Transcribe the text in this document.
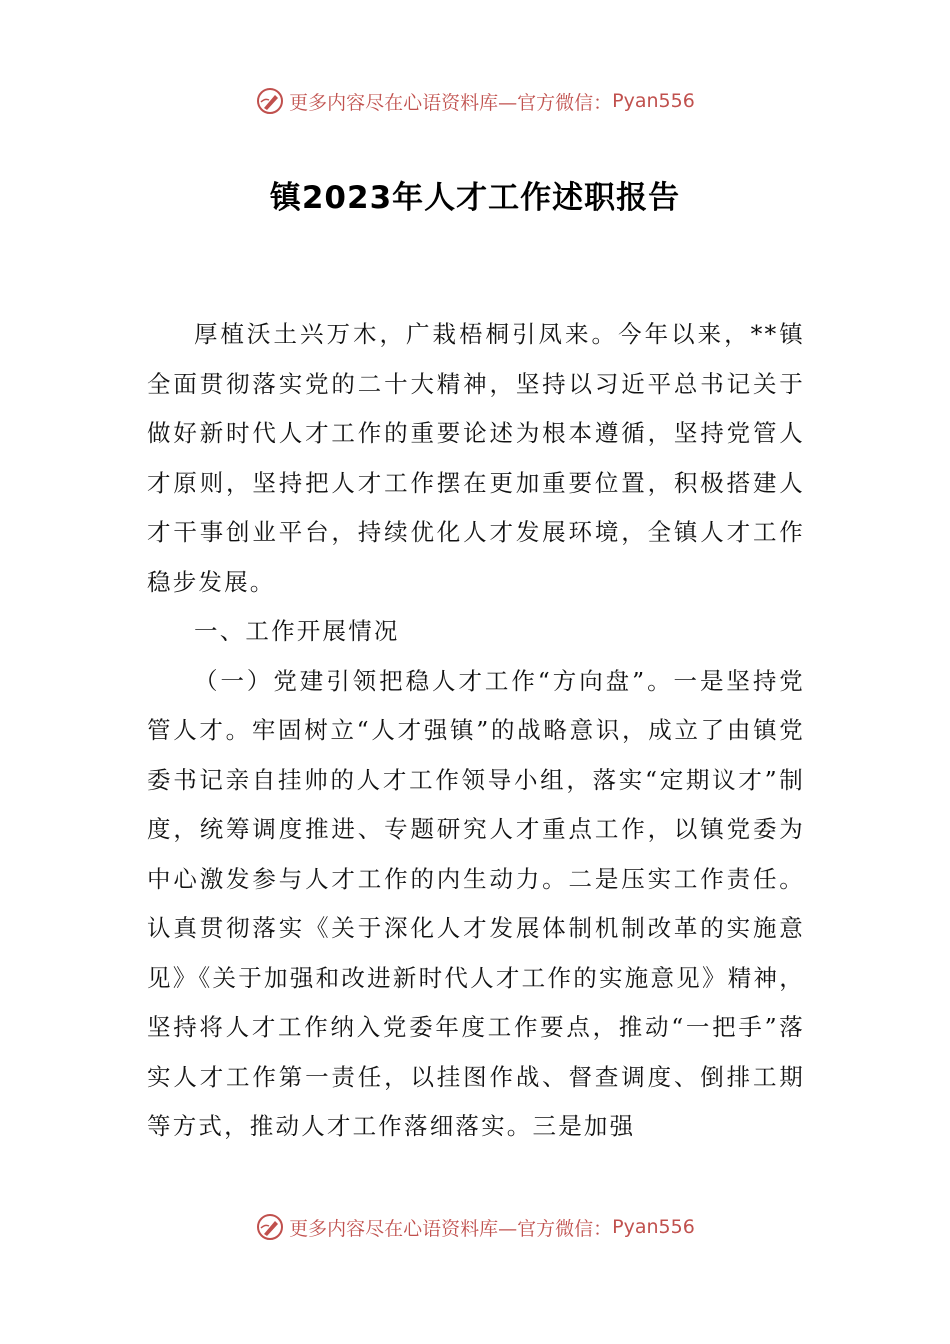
更多内容尽在心语资料库—官方微信： Pyan556
镇2023年人才工作述职报告

厚植沃土兴万木，广栽梧桐引凤来。今年以来，**镇全面贯彻落实党的二十大精神，坚持以习近平总书记关于做好新时代人才工作的重要论述为根本遵循，坚持党管人才原则，坚持把人才工作摆在更加重要位置，积极搭建人才干事创业平台，持续优化人才发展环境，全镇人才工作稳步发展。

一、工作开展情况

（一）党建引领把稳人才工作“方向盘”。一是坚持党管人才。牢固树立“人才强镇”的战略意识，成立了由镇党委书记亲自挂帅的人才工作领导小组，落实“定期议才”制度，统筹调度推进、专题研究人才重点工作，以镇党委为中心激发参与人才工作的内生动力。二是压实工作责任。认真贯彻落实《关于深化人才发展体制机制改革的实施意见》《关于加强和改进新时代人才工作的实施意见》精神，坚持将人才工作纳入党委年度工作要点，推动“一把手”落实人才工作第一责任，以挂图作战、督查调度、倒排工期等方式，推动人才工作落细落实。三是加强

更多内容尽在心语资料库—官方微信： Pyan556
